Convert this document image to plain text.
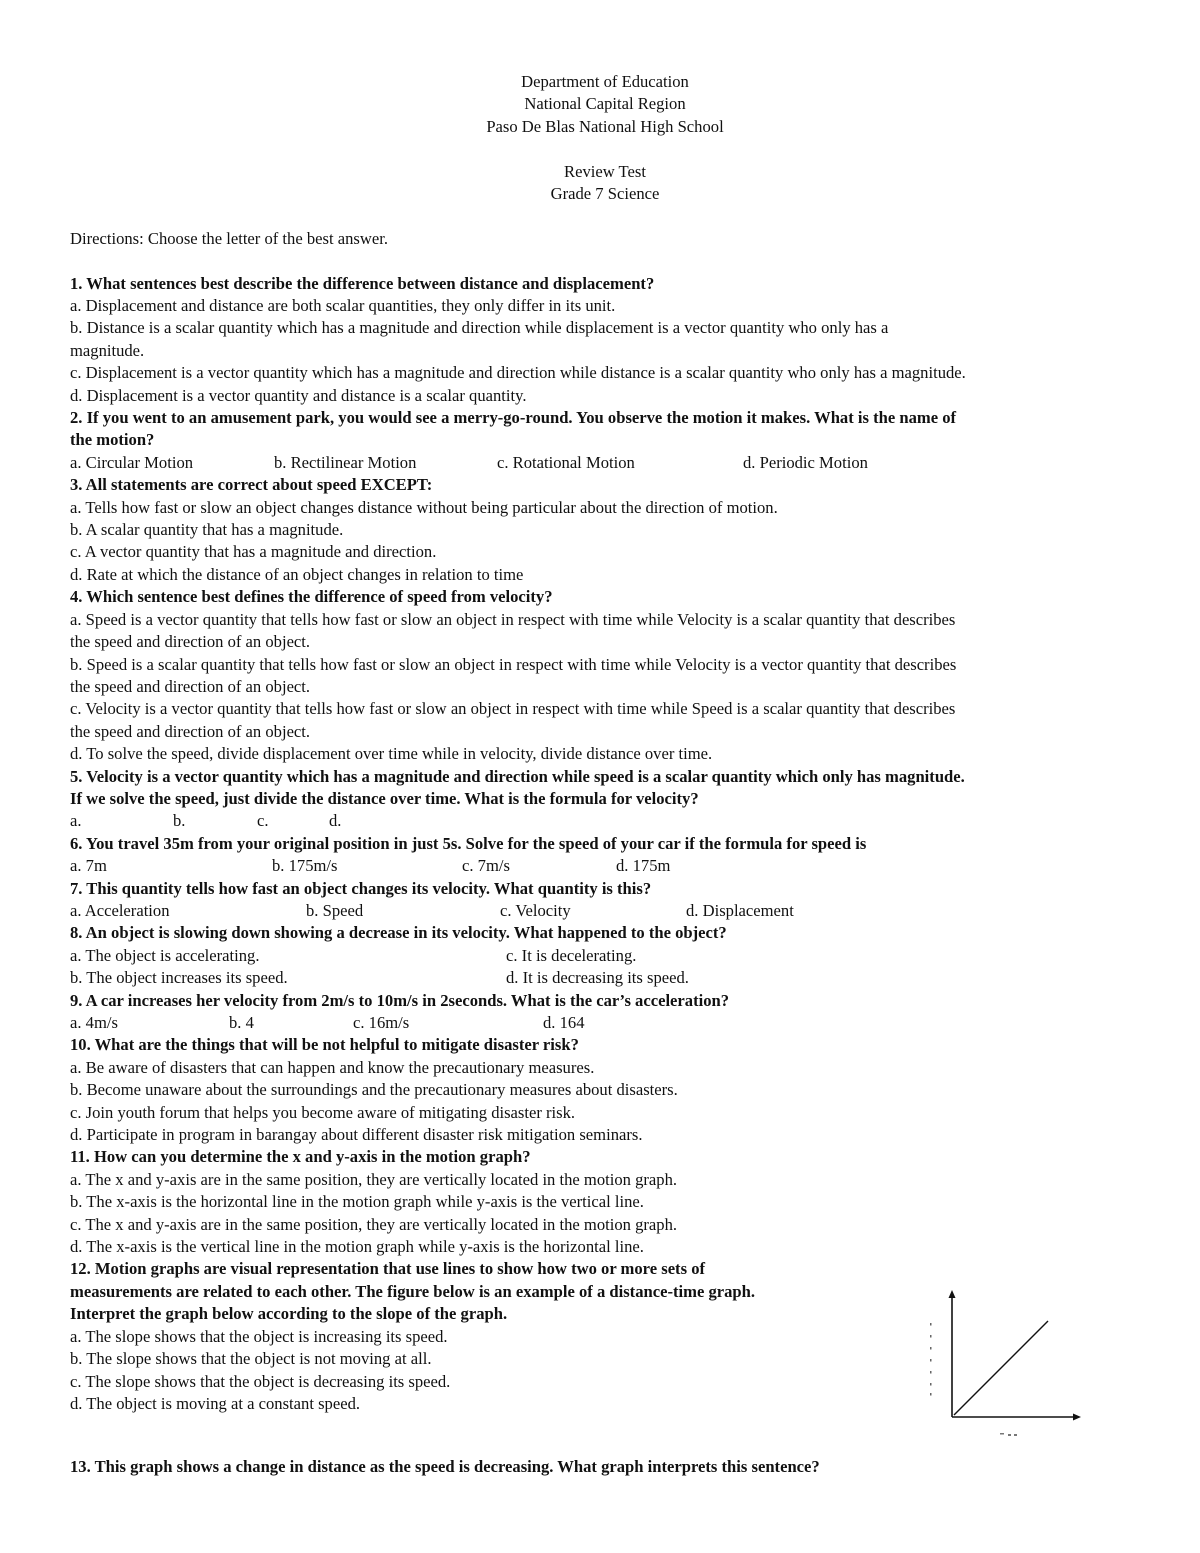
Department of Education
National Capital Region
Paso De Blas National High School
Review Test
Grade 7 Science
Directions: Choose the letter of the best answer.
1. What sentences best describe the difference between distance and displacement?
a. Displacement and distance are both scalar quantities, they only differ in its unit.
b. Distance is a scalar quantity which has a magnitude and direction while displacement is a vector quantity who only has a
magnitude.
c. Displacement is a vector quantity which has a magnitude and direction while distance is a scalar quantity who only has a magnitude.
d. Displacement is a vector quantity and distance is a scalar quantity.
2. If you went to an amusement park, you would see a merry-go-round. You observe the motion it makes. What is the name of
the motion?
a. Circular Motion	b. Rectilinear Motion	c. Rotational Motion	d. Periodic Motion
3. All statements are correct about speed EXCEPT:
a. Tells how fast or slow an object changes distance without being particular about the direction of motion.
b. A scalar quantity that has a magnitude.
c. A vector quantity that has a magnitude and direction.
d. Rate at which the distance of an object changes in relation to time
4. Which sentence best defines the difference of speed from velocity?
a. Speed is a vector quantity that tells how fast or slow an object in respect with time while Velocity is a scalar quantity that describes
the speed and direction of an object.
b. Speed is a scalar quantity that tells how fast or slow an object in respect with time while Velocity is a vector quantity that describes
the speed and direction of an object.
c. Velocity is a vector quantity that tells how fast or slow an object in respect with time while Speed is a scalar quantity that describes
the speed and direction of an object.
d. To solve the speed, divide displacement over time while in velocity, divide distance over time.
5. Velocity is a vector quantity which has a magnitude and direction while speed is a scalar quantity which only has magnitude.
If we solve the speed, just divide the distance over time. What is the formula for velocity?
a.	b.	c.	d.
6. You travel 35m from your original position in just 5s. Solve for the speed of your car if the formula for speed is
a. 7m	b. 175m/s	c. 7m/s	d. 175m
7. This quantity tells how fast an object changes its velocity. What quantity is this?
a. Acceleration	b. Speed	c. Velocity	d. Displacement
8. An object is slowing down showing a decrease in its velocity. What happened to the object?
a. The object is accelerating.	c. It is decelerating.
b. The object increases its speed.	d. It is decreasing its speed.
9. A car increases her velocity from 2m/s to 10m/s in 2seconds. What is the car’s acceleration?
a. 4m/s	b. 4	c. 16m/s	d. 164
10. What are the things that will be not helpful to mitigate disaster risk?
a. Be aware of disasters that can happen and know the precautionary measures.
b. Become unaware about the surroundings and the precautionary measures about disasters.
c. Join youth forum that helps you become aware of mitigating disaster risk.
d. Participate in program in barangay about different disaster risk mitigation seminars.
11. How can you determine the x and y-axis in the motion graph?
a. The x and y-axis are in the same position, they are vertically located in the motion graph.
b. The x-axis is the horizontal line in the motion graph while y-axis is the vertical line.
c. The x and y-axis are in the same position, they are vertically located in the motion graph.
d. The x-axis is the vertical line in the motion graph while y-axis is the horizontal line.
12. Motion graphs are visual representation that use lines to show how two or more sets of
measurements are related to each other. The figure below is an example of a distance-time graph.
Interpret the graph below according to the slope of the graph.
a. The slope shows that the object is increasing its speed.
b. The slope shows that the object is not moving at all.
c. The slope shows that the object is decreasing its speed.
d. The object is moving at a constant speed.
13. This graph shows a change in distance as the speed is decreasing. What graph interprets this sentence?
